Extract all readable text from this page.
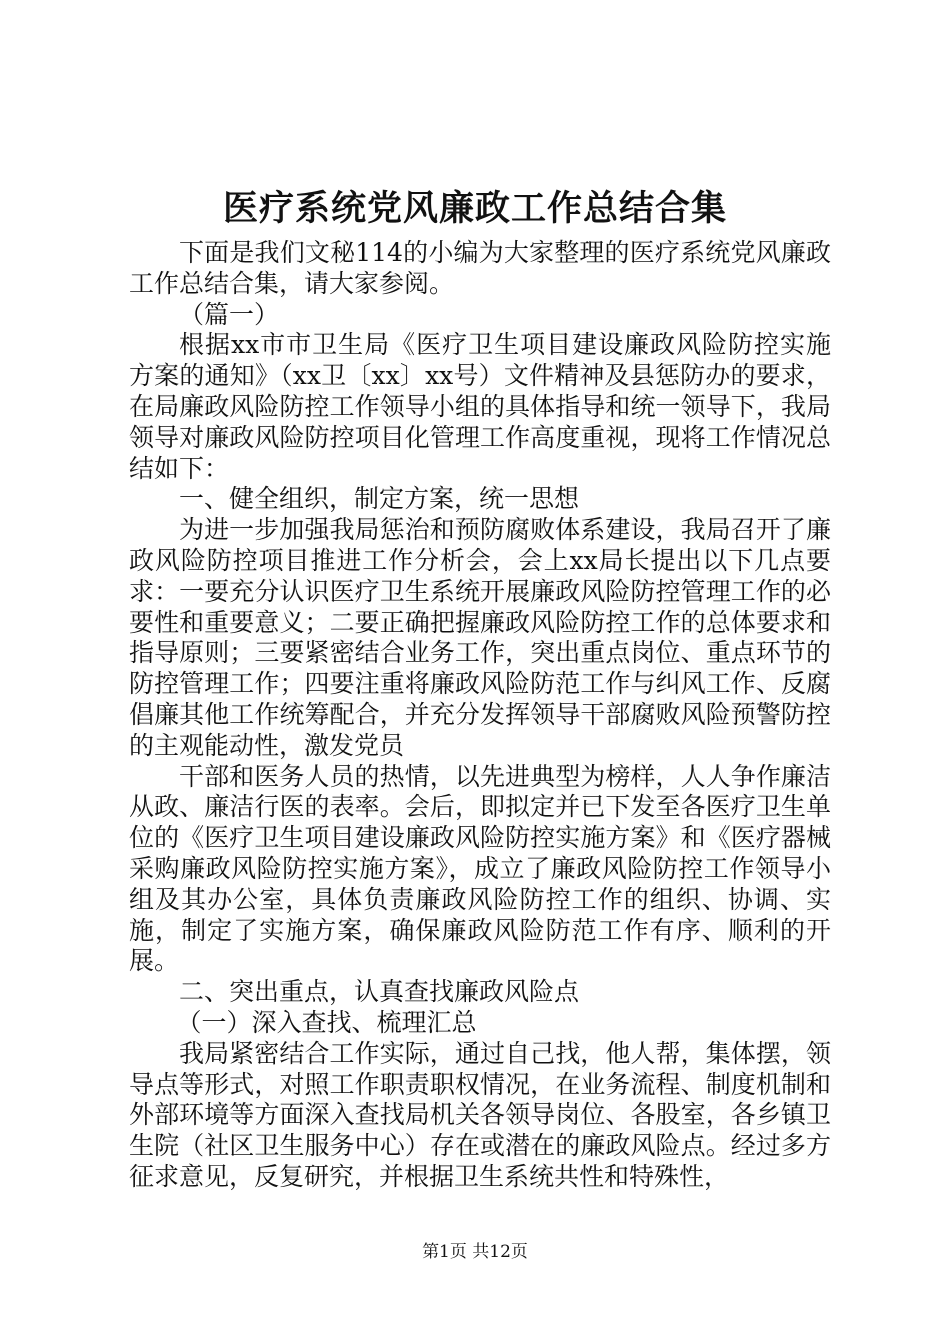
医疗系统党风廉政工作总结合集

下面是我们文秘114的小编为大家整理的医疗系统党风廉政工作总结合集，请大家参阅。

（篇一）

根据xx市市卫生局《医疗卫生项目建设廉政风险防控实施方案的通知》（xx卫〔xx〕xx号）文件精神及县惩防办的要求，在局廉政风险防控工作领导小组的具体指导和统一领导下，我局领导对廉政风险防控项目化管理工作高度重视，现将工作情况总结如下：

一、健全组织，制定方案，统一思想

为进一步加强我局惩治和预防腐败体系建设，我局召开了廉政风险防控项目推进工作分析会，会上xx局长提出以下几点要求：一要充分认识医疗卫生系统开展廉政风险防控管理工作的必要性和重要意义；二要正确把握廉政风险防控工作的总体要求和指导原则；三要紧密结合业务工作，突出重点岗位、重点环节的防控管理工作；四要注重将廉政风险防范工作与纠风工作、反腐倡廉其他工作统筹配合，并充分发挥领导干部腐败风险预警防控的主观能动性，激发党员

干部和医务人员的热情，以先进典型为榜样，人人争作廉洁从政、廉洁行医的表率。会后，即拟定并已下发至各医疗卫生单位的《医疗卫生项目建设廉政风险防控实施方案》和《医疗器械采购廉政风险防控实施方案》，成立了廉政风险防控工作领导小组及其办公室，具体负责廉政风险防控工作的组织、协调、实施，制定了实施方案，确保廉政风险防范工作有序、顺利的开展。

二、突出重点，认真查找廉政风险点

（一）深入查找、梳理汇总

我局紧密结合工作实际，通过自己找，他人帮，集体摆，领导点等形式，对照工作职责职权情况，在业务流程、制度机制和外部环境等方面深入查找局机关各领导岗位、各股室，各乡镇卫生院（社区卫生服务中心）存在或潜在的廉政风险点。经过多方征求意见，反复研究，并根据卫生系统共性和特殊性，

第1页 共12页
